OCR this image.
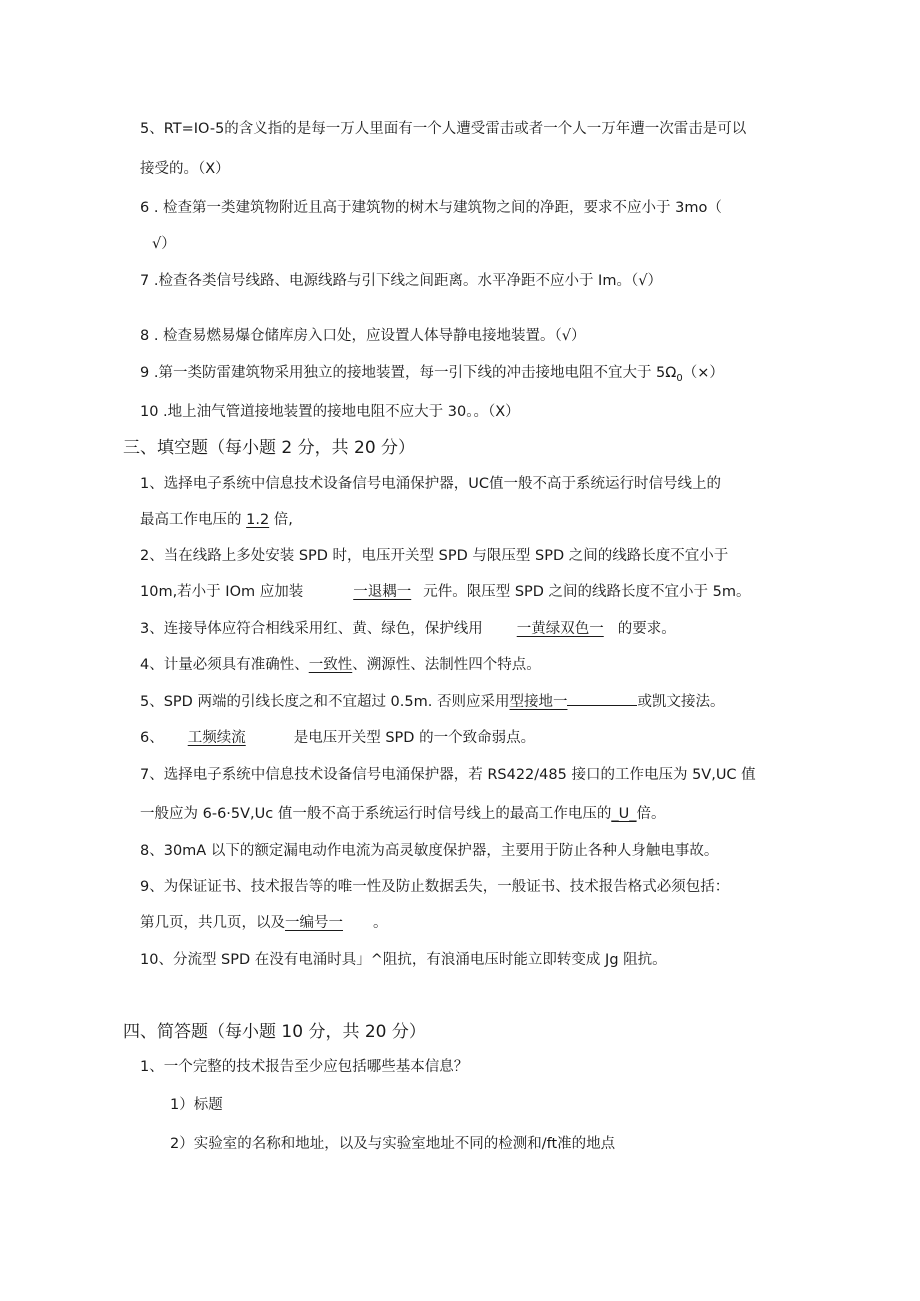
5、RT=IO-5的含义指的是每一万人里面有一个人遭受雷击或者一个人一万年遭一次雷击是可以
接受的。（X）
6 . 检查第一类建筑物附近且高于建筑物的树木与建筑物之间的净距，要求不应小于 3mo（
√）
7 .检查各类信号线路、电源线路与引下线之间距离。水平净距不应小于 Im。（√）
8 . 检查易燃易爆仓储库房入口处，应设置人体导静电接地装置。（√）
9 .第一类防雷建筑物采用独立的接地装置，每一引下线的冲击接地电阻不宜大于 $5\Omega_0(\times)$
10 .地上油气管道接地装置的接地电阻不应大于 30。。（X）
三、填空题（每小题 2 分，共 20 分）
1、选择电子系统中信息技术设备信号电涌保护器，UC值一般不高于系统运行时信号线上的
最高工作电压的 1.2 倍,
2、当在线路上多处安装 SPD 时，电压开关型 SPD 与限压型 SPD 之间的线路长度不宜小于
10m,若小于 IOm 应加装	一退耦一 元件。限压型 SPD 之间的线路长度不宜小于 5m。
3、连接导体应符合相线采用红、黄、绿色，保护线用 一黄绿双色一 的要求。
4、计量必须具有准确性、一致性、溯源性、法制性四个特点。
5、SPD 两端的引线长度之和不宜超过 0.5m. 否则应采用型接地一	或凯文接法。
6、 工频续流	是电压开关型 SPD 的一个致命弱点。
7、选择电子系统中信息技术设备信号电涌保护器，若 RS422/485 接口的工作电压为 5V,UC 值
一般应为 6-6·5V,Uc 值一般不高于系统运行时信号线上的最高工作电压的_U_倍。
8、30mA 以下的额定漏电动作电流为高灵敏度保护器，主要用于防止各种人身触电事故。
9、为保证证书、技术报告等的唯一性及防止数据丢失，一般证书、技术报告格式必须包括：
第几页，共几页，以及一编号一 。
10、分流型 SPD 在没有电涌时具」^阻抗，有浪涌电压时能立即转变成 Jg 阻抗。
四、简答题（每小题 10 分，共 20 分）
1、一个完整的技术报告至少应包括哪些基本信息？
1）标题
2）实验室的名称和地址，以及与实验室地址不同的检测和/ft准的地点
